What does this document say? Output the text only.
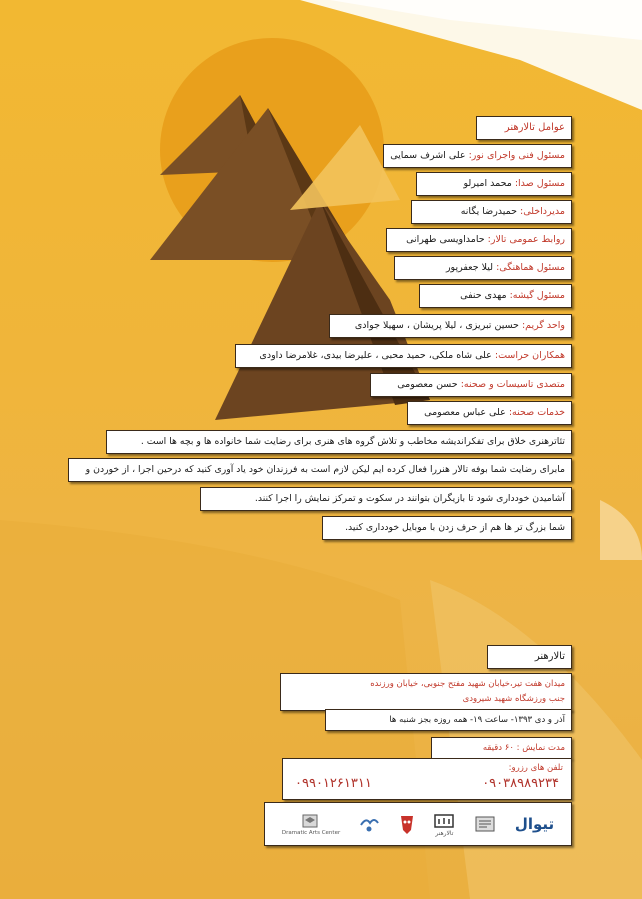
عوامل تالارهنر
مسئول فنی واجرای نور: علی اشرف سمایی
مسئول صدا: محمد امیرلو
مدیرداخلی: حمیدرضا یگانه
روابط عمومی تالار: حامداویسی طهرانی
مسئول هماهنگی: لیلا جعفرپور
مسئول گیشه: مهدی حنفی
واحد گریم: حسین تبریزی ، لیلا پریشان ، سهیلا جوادی
همکاران حراست: علی شاه ملکی، حمید محبی ، علیرضا بیدی، غلامرضا داودی
متصدی تاسیسات و صحنه: حسن معصومی
خدمات صحنه: علی عباس معصومی
تئاترهنری خلاق برای تفکراندیشه مخاطب و تلاش گروه های هنری برای رضایت شما خانواده ها و بچه ها است .
مابرای رضایت شما بوفه تالار هنررا فعال کرده ایم لیکن لازم است به فرزندان خود یاد آوری کنید که درحین اجرا ، از خوردن و
آشامیدن خودداری شود تا بازیگران بتوانند در سکوت و تمرکز نمایش را اجرا کنند.
شما بزرگ تر ها هم از حرف زدن با موبایل خودداری کنید.
تالارهنر
میدان هفت تیر،خیابان شهید مفتح جنوبی، خیابان ورزنده
جنب ورزشگاه شهید شیرودی
آذر و دی ۱۳۹۳- ساعت ۱۹- همه روزه بجز شنبه ها
مدت نمایش : ۶۰ دقیقه
تلفن های رزرو:
۰۹۹۰۱۲۶۱۳۱۱	۰۹۰۳۸۹۸۹۲۳۴
Dramatic Arts Center	تالارهنر	تیوال
